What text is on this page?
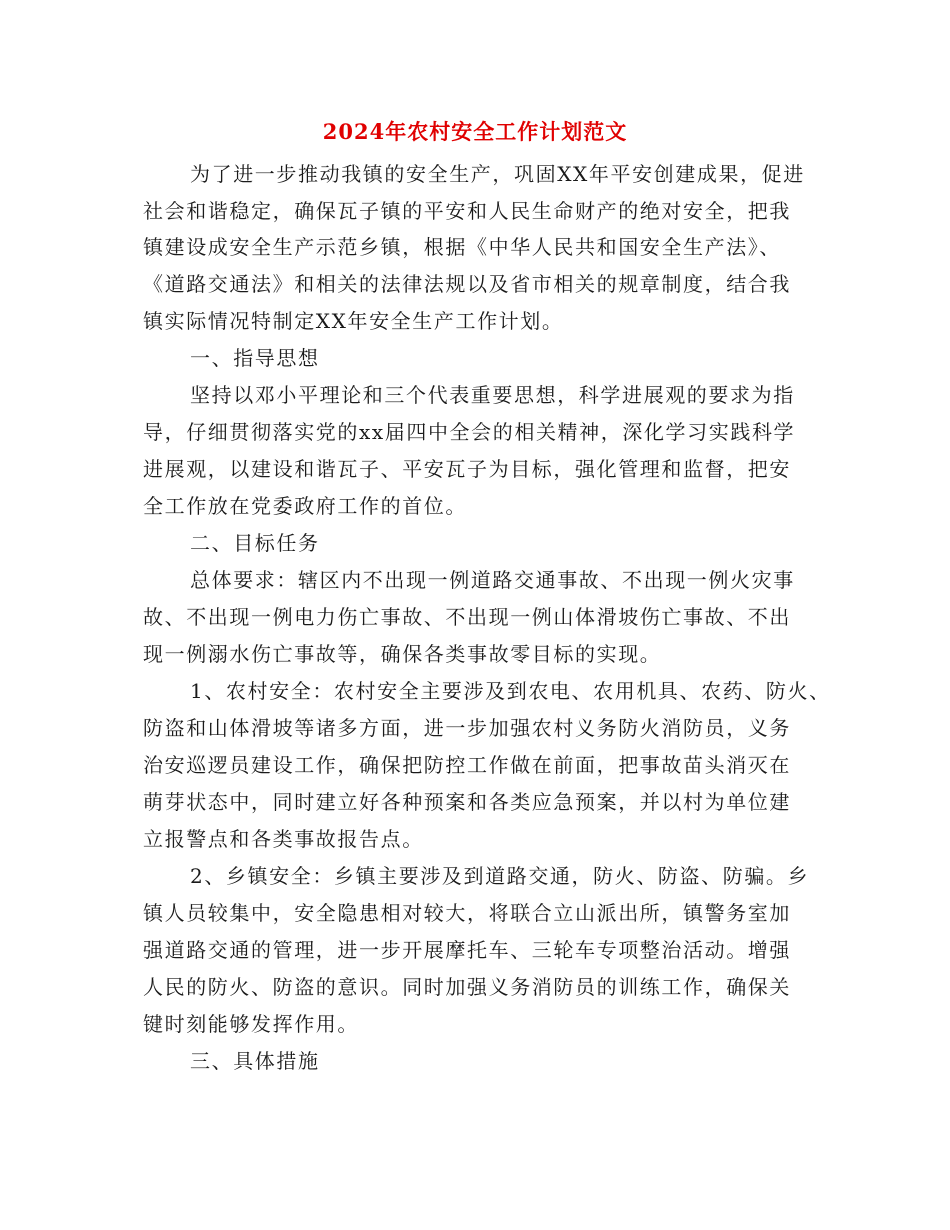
2024年农村安全工作计划范文
为了进一步推动我镇的安全生产，巩固XX年平安创建成果，促进
社会和谐稳定，确保瓦子镇的平安和人民生命财产的绝对安全，把我
镇建设成安全生产示范乡镇，根据《中华人民共和国安全生产法》、
《道路交通法》和相关的法律法规以及省市相关的规章制度，结合我
镇实际情况特制定XX年安全生产工作计划。
一、指导思想
坚持以邓小平理论和三个代表重要思想，科学进展观的要求为指
导，仔细贯彻落实党的xx届四中全会的相关精神，深化学习实践科学
进展观，以建设和谐瓦子、平安瓦子为目标，强化管理和监督，把安
全工作放在党委政府工作的首位。
二、目标任务
总体要求：辖区内不出现一例道路交通事故、不出现一例火灾事
故、不出现一例电力伤亡事故、不出现一例山体滑坡伤亡事故、不出
现一例溺水伤亡事故等，确保各类事故零目标的实现。
1、农村安全：农村安全主要涉及到农电、农用机具、农药、防火、
防盗和山体滑坡等诸多方面，进一步加强农村义务防火消防员，义务
治安巡逻员建设工作，确保把防控工作做在前面，把事故苗头消灭在
萌芽状态中，同时建立好各种预案和各类应急预案，并以村为单位建
立报警点和各类事故报告点。
2、乡镇安全：乡镇主要涉及到道路交通，防火、防盗、防骗。乡
镇人员较集中，安全隐患相对较大，将联合立山派出所，镇警务室加
强道路交通的管理，进一步开展摩托车、三轮车专项整治活动。增强
人民的防火、防盗的意识。同时加强义务消防员的训练工作，确保关
键时刻能够发挥作用。
三、具体措施
